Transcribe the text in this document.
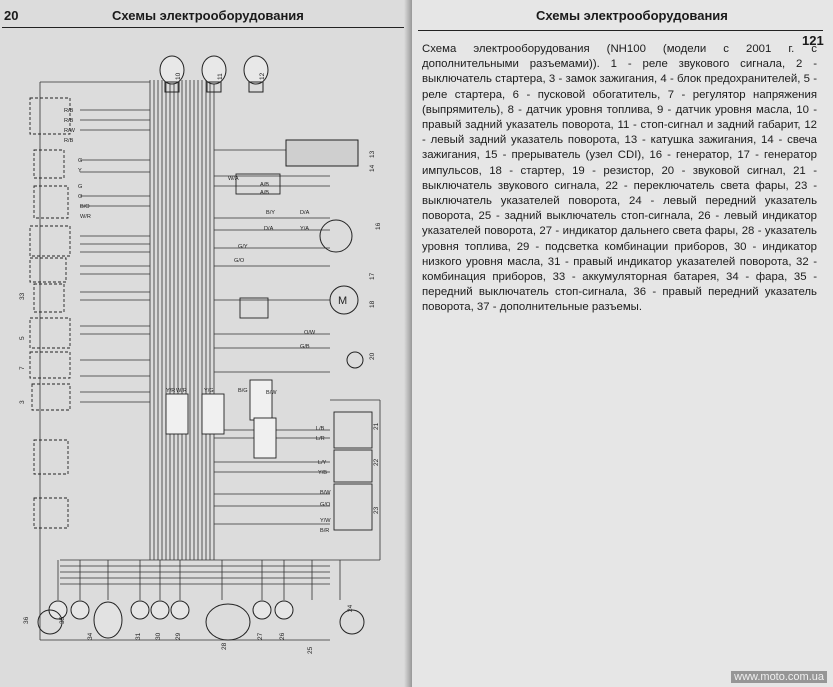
20	Схемы электрооборудования
M
10	11	12
13
14
16
17
18
20
21
22
23
33
5
7
3
36	35
34	31 30 29
28
27 26
25
24
R/B
R/B
R/W
R/B
G
Y
G
O
B/O
W/R
W/A
A/B
A/B
B/Y
D/A
D/A
Y/A
G/Y
G/O
Y/R W/R	Y/G	B/G	B/W
O/W
G/B
L/B
L/R
L/Y
Y/B
B/W
G/O
Y/W
B/R
Схемы электрооборудования
121

Схема электрооборудования (NH100 (модели с 2001 г. с дополнительными разъемами)). 1 - реле звукового сигнала, 2 - выключатель стартера, 3 - замок зажигания, 4 - блок предохранителей, 5 - реле стартера, 6 - пусковой обогатитель, 7 - регулятор напряжения (выпрямитель), 8 - датчик уровня топлива, 9 - датчик уровня масла, 10 - правый задний указатель поворота, 11 - стоп-сигнал и задний габарит, 12 - левый задний указатель поворота, 13 - катушка зажигания, 14 - свеча зажигания, 15 - прерыватель (узел CDI), 16 - генератор, 17 - генератор импульсов, 18 - стартер, 19 - резистор, 20 - звуковой сигнал, 21 - выключатель звукового сигнала, 22 - переключатель света фары, 23 - выключатель указателей поворота, 24 - левый передний указатель поворота, 25 - задний выключатель стоп-сигнала, 26 - левый индикатор указателей поворота, 27 - индикатор дальнего света фары, 28 - указатель уровня топлива, 29 - подсветка комбинации приборов, 30 - индикатор низкого уровня масла, 31 - правый индикатор указателей поворота, 32 - комбинация приборов, 33 - аккумуляторная батарея, 34 - фара, 35 - передний выключатель стоп-сигнала, 36 - правый передний указатель поворота, 37 - дополнительные разъемы.

www.moto.com.ua
